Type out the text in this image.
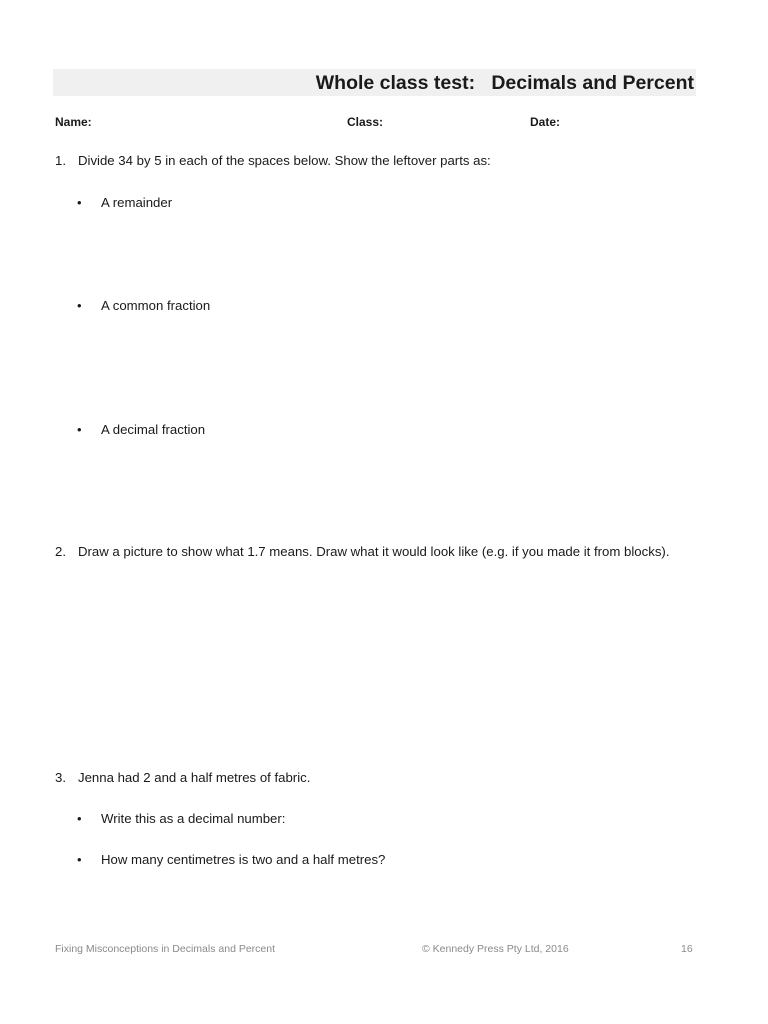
Whole class test:   Decimals and Percent
Name:	Class:	Date:
1. Divide 34 by 5 in each of the spaces below. Show the leftover parts as:
• A remainder
• A common fraction
• A decimal fraction
2. Draw a picture to show what 1.7 means. Draw what it would look like (e.g. if you made it from blocks).
3. Jenna had 2 and a half metres of fabric.
• Write this as a decimal number:
• How many centimetres is two and a half metres?
Fixing Misconceptions in Decimals and Percent	© Kennedy Press Pty Ltd, 2016	16
